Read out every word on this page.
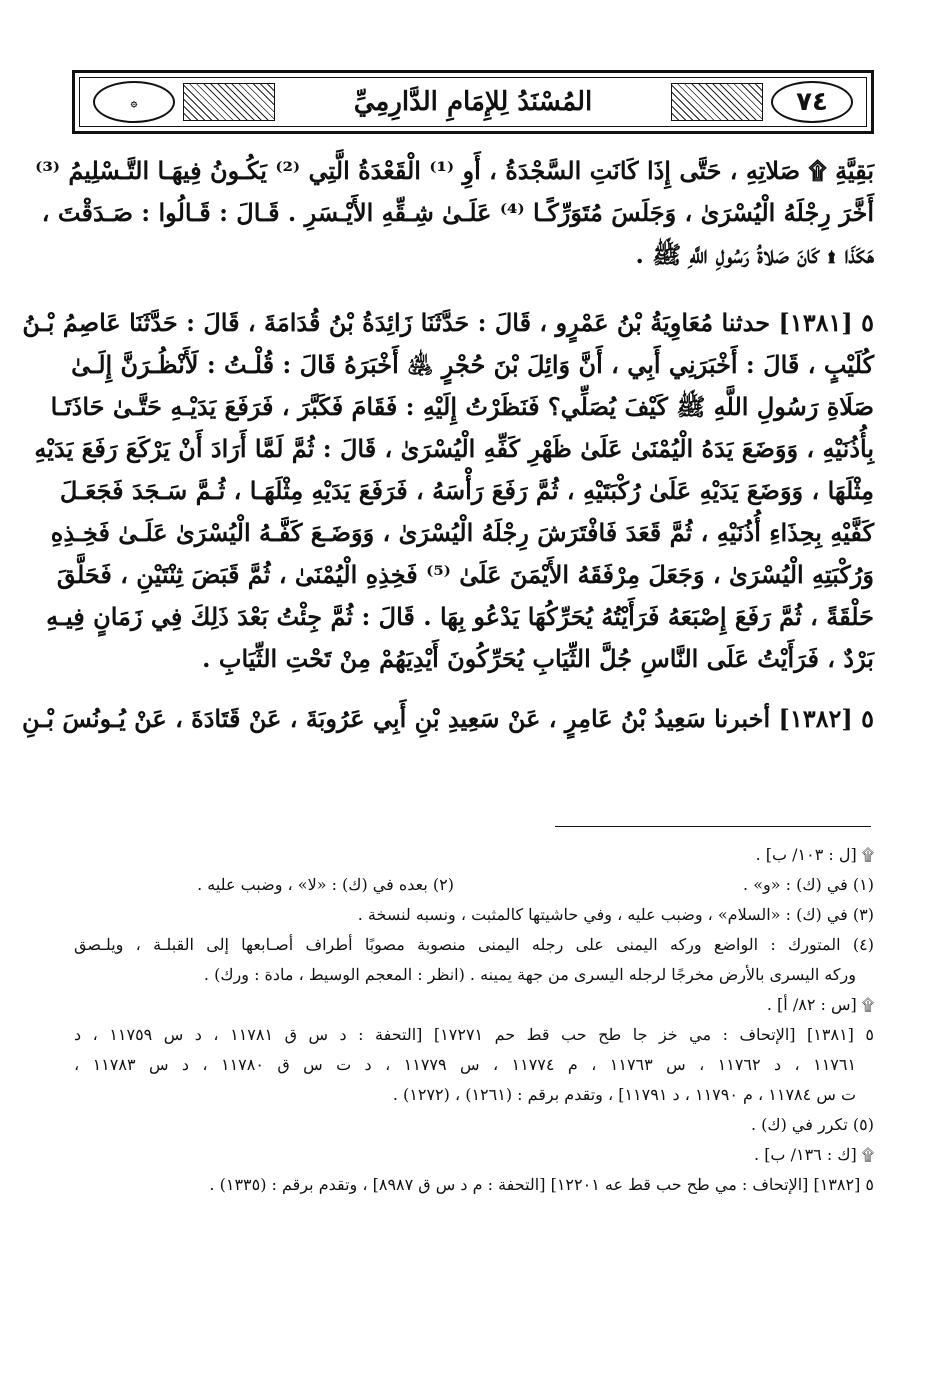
٧٤
المُسْنَدُ لِلإِمَامِ الدَّارِمِيِّ
۞
بَقِيَّةِ ۩ صَلاتِهِ ، حَتَّى إِذَا كَانَتِ السَّجْدَةُ ، أَوِ ⁽¹⁾ الْقَعْدَةُ الَّتِي ⁽²⁾ يَكُـونُ فِيهَـا التَّـسْلِيمُ ⁽³⁾
أَخَّرَ رِجْلَهُ الْيُسْرَىٰ ، وَجَلَسَ مُتَوَرِّكًـا ⁽⁴⁾ عَلَـىٰ شِـقِّهِ الأَيْـسَرِ . قَـالَ : قَـالُوا : صَـدَقْتَ ،
هَكَذَا ۩ كَانَ صَلاةُ رَسُولِ اللَّهِ ﷺ .
٥ [١٣٨١] حدثنا مُعَاوِيَةُ بْنُ عَمْرٍو ، قَالَ : حَدَّثَنَا زَائِدَةُ بْنُ قُدَامَةَ ، قَالَ : حَدَّثَنَا عَاصِمُ بْـنُ
كُلَيْبٍ ، قَالَ : أَخْبَرَنِي أَبِي ، أَنَّ وَائِلَ بْنَ حُجْرٍ ﵁ أَخْبَرَهُ قَالَ : قُلْـتُ : لَأَنْظُـرَنَّ إِلَـىٰ
صَلَاةِ رَسُولِ اللَّهِ ﷺ كَيْفَ يُصَلِّي؟ فَنَظَرْتُ إِلَيْهِ : فَقَامَ فَكَبَّرَ ، فَرَفَعَ يَدَيْـهِ حَتَّـىٰ حَاذَتَـا
بِأُذُنَيْهِ ، وَوَضَعَ يَدَهُ الْيُمْنَىٰ عَلَىٰ ظَهْرِ كَفِّهِ الْيُسْرَىٰ ، قَالَ : ثُمَّ لَمَّا أَرَادَ أَنْ يَرْكَعَ رَفَعَ يَدَيْهِ
مِثْلَهَا ، وَوَضَعَ يَدَيْهِ عَلَىٰ رُكْبَتَيْهِ ، ثُمَّ رَفَعَ رَأْسَهُ ، فَرَفَعَ يَدَيْهِ مِثْلَهَـا ، ثُـمَّ سَـجَدَ فَجَعَـلَ
كَفَّيْهِ بِحِذَاءِ أُذُنَيْهِ ، ثُمَّ قَعَدَ فَافْتَرَشَ رِجْلَهُ الْيُسْرَىٰ ، وَوَضَـعَ كَفَّـهُ الْيُسْرَىٰ عَلَـىٰ فَخِـذِهِ
وَرُكْبَتِهِ الْيُسْرَىٰ ، وَجَعَلَ مِرْفَقَهُ الأَيْمَنَ عَلَىٰ ⁽⁵⁾ فَخِذِهِ الْيُمْنَىٰ ، ثُمَّ قَبَضَ ثِنْتَيْنِ ، فَحَلَّقَ
حَلْقَةً ، ثُمَّ رَفَعَ إِصْبَعَهُ فَرَأَيْتُهُ يُحَرِّكُهَا يَدْعُو بِهَا . قَالَ : ثُمَّ جِئْتُ بَعْدَ ذَلِكَ فِي زَمَانٍ فِيـهِ
بَرْدٌ ، فَرَأَيْتُ عَلَى النَّاسِ جُلَّ الثِّيَابِ يُحَرِّكُونَ أَيْدِيَهُمْ مِنْ تَحْتِ الثِّيَابِ .
٥ [١٣٨٢] أخبرنا سَعِيدُ بْنُ عَامِرٍ ، عَنْ سَعِيدِ بْنِ أَبِي عَرُوبَةَ ، عَنْ قَتَادَةَ ، عَنْ يُـونُسَ بْـنِ
۩ [ل : ١٠٣/ ب] .
(١) في (ك) : «و» .
(٢) بعده في (ك) : «لا» ، وضبب عليه .
(٣) في (ك) : «السلام» ، وضبب عليه ، وفي حاشيتها كالمثبت ، ونسبه لنسخة .
(٤) المتورك : الواضع وركه اليمنى على رجله اليمنى منصوبة مصوبًا أطراف أصـابعها إلى القبلـة ، ويلـصق
وركه اليسرى بالأرض مخرجًا لرجله اليسرى من جهة يمينه . (انظر : المعجم الوسيط ، مادة : ورك) .
۩ [س : ٨٢/ أ] .
٥ [١٣٨١] [الإتحاف : مي خز جا طح حب قط حم ١٧٢٧١] [التحفة : د س ق ١١٧٨١ ، د س ١١٧٥٩ ، د
١١٧٦١ ، د ١١٧٦٢ ، س ١١٧٦٣ ، م ١١٧٧٤ ، س ١١٧٧٩ ، د ت س ق ١١٧٨٠ ، د س ١١٧٨٣ ،
ت س ١١٧٨٤ ، م ١١٧٩٠ ، د ١١٧٩١] ، وتقدم برقم : (١٢٦١) ، (١٢٧٢) .
(٥) تكرر في (ك) .
۩ [ك : ١٣٦/ ب] .
٥ [١٣٨٢] [الإتحاف : مي طح حب قط عه ١٢٢٠١] [التحفة : م د س ق ٨٩٨٧] ، وتقدم برقم : (١٣٣٥) .
